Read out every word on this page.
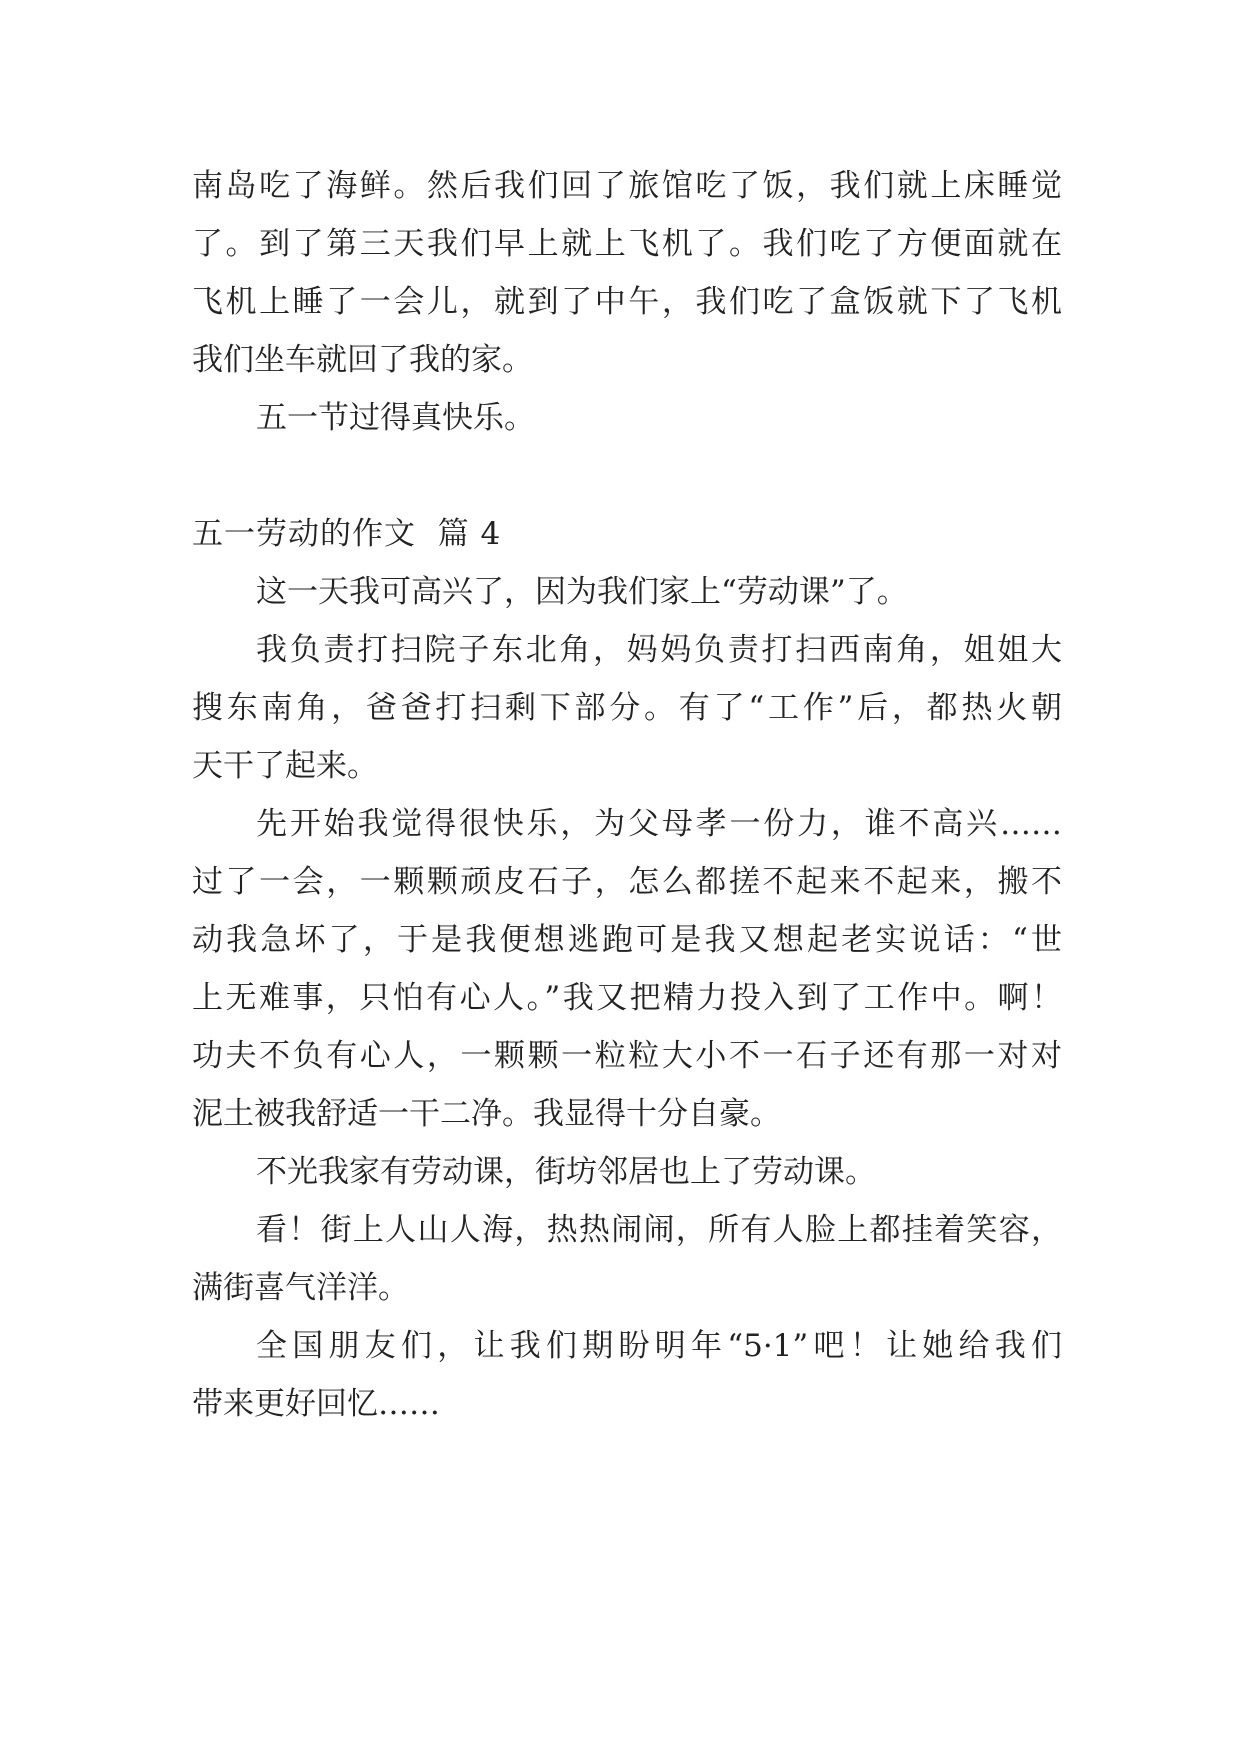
南岛吃了海鲜。然后我们回了旅馆吃了饭，我们就上床睡觉
了。到了第三天我们早上就上飞机了。我们吃了方便面就在
飞机上睡了一会儿，就到了中午，我们吃了盒饭就下了飞机
我们坐车就回了我的家。
五一节过得真快乐。
五一劳动的作文  篇 4
这一天我可高兴了，因为我们家上“劳动课”了。
我负责打扫院子东北角，妈妈负责打扫西南角，姐姐大
搜东南角，爸爸打扫剩下部分。有了“工作”后，都热火朝
天干了起来。
先开始我觉得很快乐，为父母孝一份力，谁不高兴……
过了一会，一颗颗顽皮石子，怎么都搓不起来不起来，搬不
动我急坏了，于是我便想逃跑可是我又想起老实说话：“世
上无难事，只怕有心人。”我又把精力投入到了工作中。啊！
功夫不负有心人，一颗颗一粒粒大小不一石子还有那一对对
泥土被我舒适一干二净。我显得十分自豪。
不光我家有劳动课，街坊邻居也上了劳动课。
看！街上人山人海，热热闹闹，所有人脸上都挂着笑容，
满街喜气洋洋。
全国朋友们，让我们期盼明年“5·1”吧！让她给我们
带来更好回忆……
